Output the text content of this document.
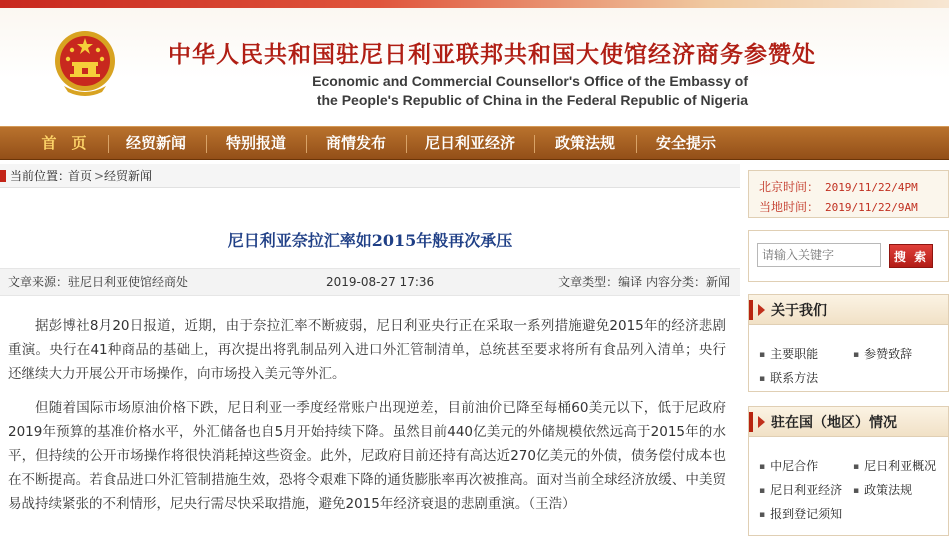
中华人民共和国驻尼日利亚联邦共和国大使馆经济商务参赞处
Economic and Commercial Counsellor's Office of the Embassy of
the People's Republic of China in the Federal Republic of Nigeria
首　页	经贸新闻	特别报道	商情发布	尼日利亚经济	政策法规	安全提示
当前位置：
首页 > 经贸新闻
尼日利亚奈拉汇率如2015年般再次承压
文章来源：驻尼日利亚使馆经商处	2019-08-27 17:36	文章类型：编译 内容分类：新闻

据彭博社8月20日报道，近期，由于奈拉汇率不断疲弱，尼日利亚央行正在采取一系列措施避免2015年的经济悲剧重演。央行在41种商品的基础上，再次提出将乳制品列入进口外汇管制清单，总统甚至要求将所有食品列入清单；央行还继续大力开展公开市场操作，向市场投入美元等外汇。

但随着国际市场原油价格下跌，尼日利亚一季度经常账户出现逆差，目前油价已降至每桶60美元以下，低于尼政府2019年预算的基准价格水平，外汇储备也自5月开始持续下降。虽然目前440亿美元的外储规模依然远高于2015年的水平，但持续的公开市场操作将很快消耗掉这些资金。此外，尼政府目前还持有高达近270亿美元的外债，债务偿付成本也在不断提高。若食品进口外汇管制措施生效，恐将令艰难下降的通货膨胀率再次被推高。面对当前全球经济放缓、中美贸易战持续紧张的不利情形，尼央行需尽快采取措施，避免2015年经济衰退的悲剧重演。（王浩）

北京时间： 2019/11/22/4PM
当地时间： 2019/11/22/9AM
请输入关键字
搜 索
关于我们
▪ 主要职能	▪ 参赞致辞
▪ 联系方法
驻在国（地区）情况
▪ 中尼合作	▪ 尼日利亚概况
▪ 尼日利亚经济	▪ 政策法规
▪ 报到登记须知
